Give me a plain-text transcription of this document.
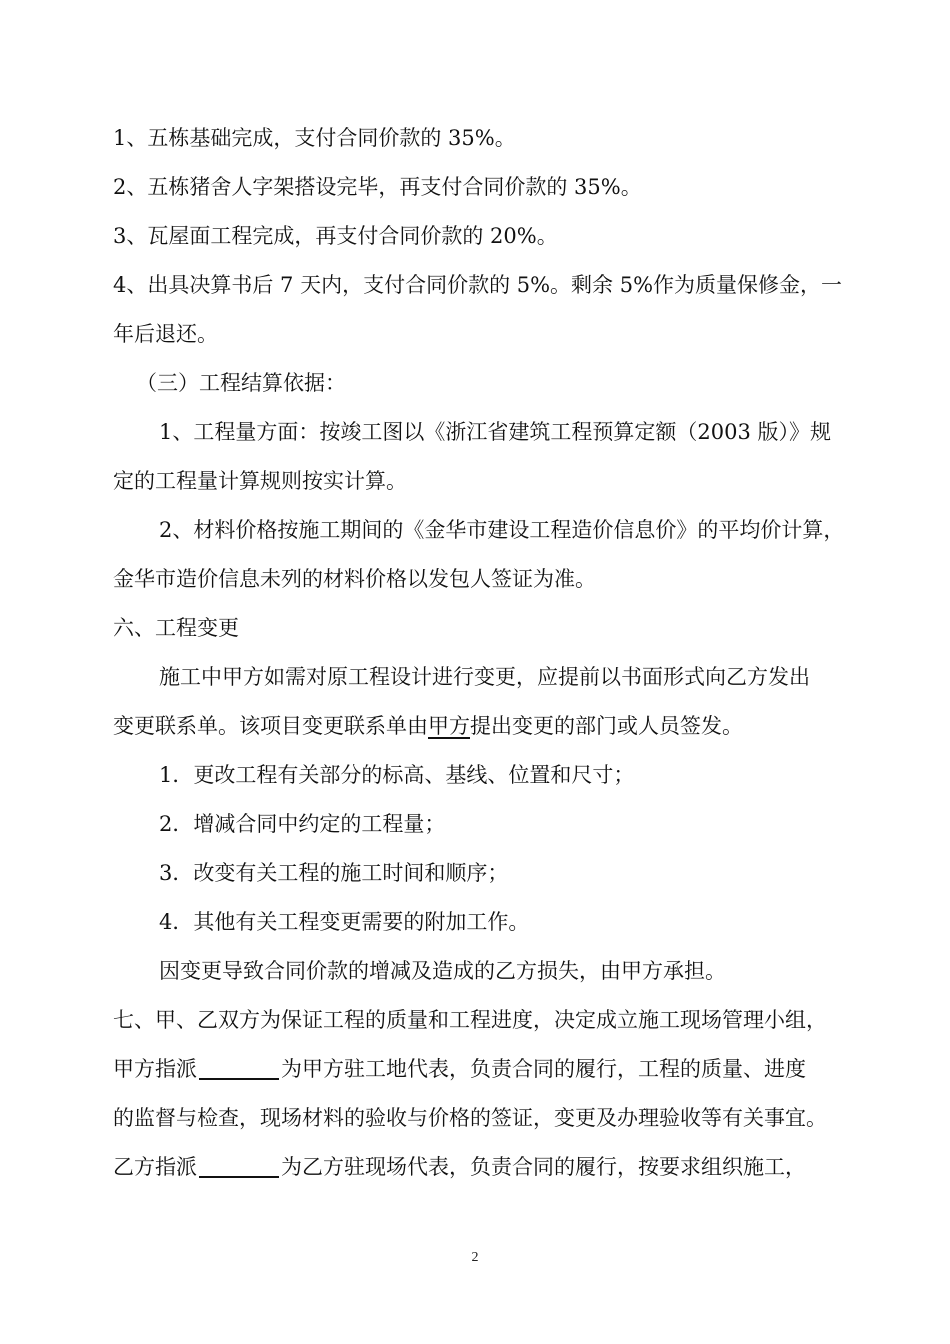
1、五栋基础完成，支付合同价款的 35%。
2、五栋猪舍人字架搭设完毕，再支付合同价款的 35%。
3、瓦屋面工程完成，再支付合同价款的 20%。
4、出具决算书后 7 天内，支付合同价款的 5%。剩余 5%作为质量保修金，一
年后退还。
（三）工程结算依据：
1、工程量方面：按竣工图以《浙江省建筑工程预算定额（2003 版）》规
定的工程量计算规则按实计算。
2、材料价格按施工期间的《金华市建设工程造价信息价》的平均价计算，
金华市造价信息未列的材料价格以发包人签证为准。
六、工程变更
施工中甲方如需对原工程设计进行变更，应提前以书面形式向乙方发出
变更联系单。该项目变更联系单由甲方提出变更的部门或人员签发。
1．更改工程有关部分的标高、基线、位置和尺寸；
2．增减合同中约定的工程量；
3．改变有关工程的施工时间和顺序；
4．其他有关工程变更需要的附加工作。
因变更导致合同价款的增减及造成的乙方损失，由甲方承担。
七、甲、乙双方为保证工程的质量和工程进度，决定成立施工现场管理小组，
甲方指派	为甲方驻工地代表，负责合同的履行，工程的质量、进度
的监督与检查，现场材料的验收与价格的签证，变更及办理验收等有关事宜。
乙方指派	为乙方驻现场代表，负责合同的履行，按要求组织施工，
2
